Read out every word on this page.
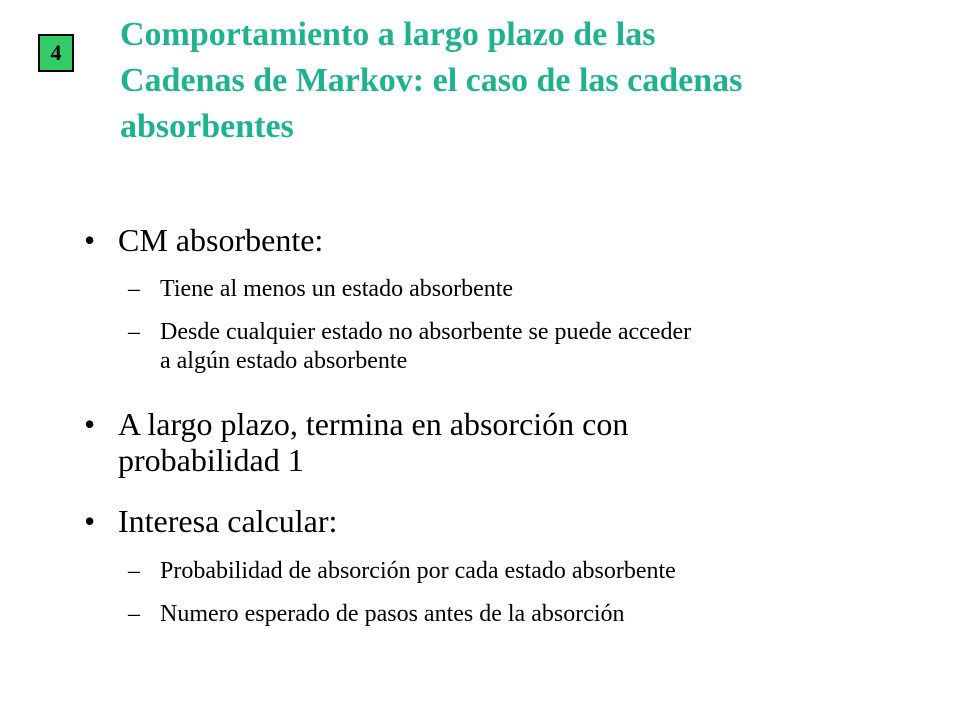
4	Comportamiento a largo plazo de las
Cadenas de Markov: el caso de las cadenas
absorbentes
• CM absorbente:
– Tiene al menos un estado absorbente
– Desde cualquier estado no absorbente se puede acceder
a algún estado absorbente
• A largo plazo, termina en absorción con
probabilidad 1
• Interesa calcular:
– Probabilidad de absorción por cada estado absorbente
– Numero esperado de pasos antes de la absorción
